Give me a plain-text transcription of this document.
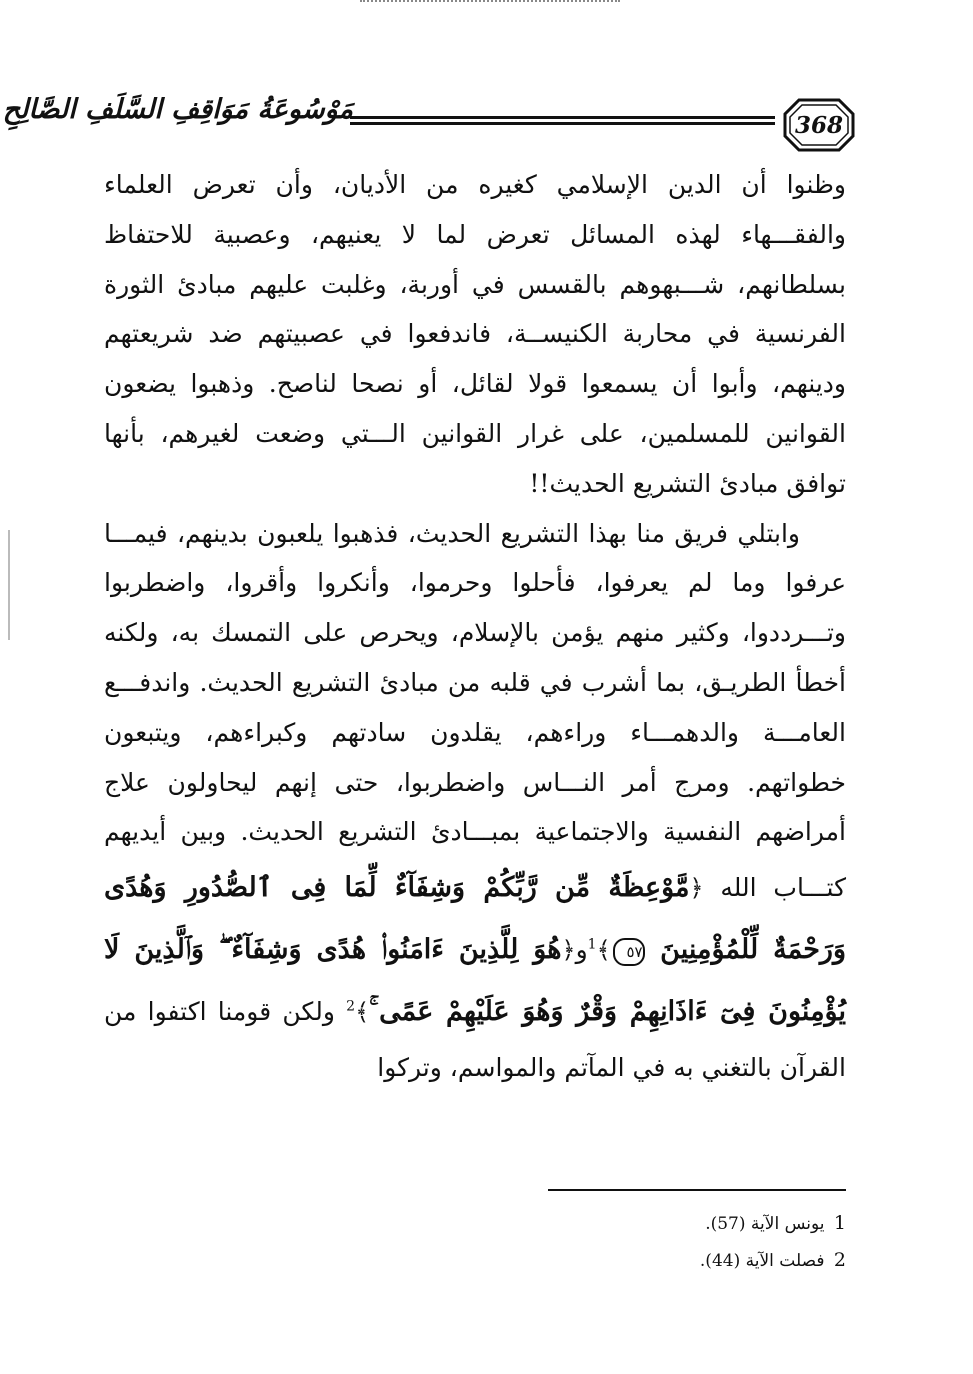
368
مَوْسُوعَةُ مَوَاقِفِ السَّلَفِ الصَّالِحِ

وظنوا أن الدين الإسلامي كغيره من الأديان، وأن تعرض العلماء والفقـــهاء لهذه المسائل تعرض لما لا يعنيهم، وعصبية للاحتفاظ بسلطانهم، شـــبهوهم بالقسس في أوربة، وغلبت عليهم مبادئ الثورة الفرنسية في محاربة الكنيســة، فاندفعوا في عصبيتهم ضد شريعتهم ودينهم، وأبوا أن يسمعوا قولا لقائل، أو نصحا لناصح. وذهبوا يضعون القوانين للمسلمين، على غرار القوانين الـــتي وضعت لغيرهم، بأنها توافق مبادئ التشريع الحديث!!

وابتلي فريق منا بهذا التشريع الحديث، فذهبوا يلعبون بدينهم، فيمـــا عرفوا وما لم يعرفوا، فأحلوا وحرموا، وأنكروا وأقروا، واضطربوا وتـــرددوا، وكثير منهم يؤمن بالإسلام، ويحرص على التمسك به، ولكنه أخطأ الطريـق، بما أشرب في قلبه من مبادئ التشريع الحديث. واندفـــع العامـــة والدهمـــاء وراءهم، يقلدون سادتهم وكبراءهم، ويتبعون خطواتهم. ومرج أمر النـــاس واضطربوا، حتى إنهم ليحاولون علاج أمراضهم النفسية والاجتماعية بمبـــادئ التشريع الحديث. وبين أيديهم كتـــاب الله ﴿مَّوْعِظَةٌ مِّن رَّبِّكُمْ وَشِفَآءٌ لِّمَا فِى ٱلصُّدُورِ وَهُدًى وَرَحْمَةٌ لِّلْمُؤْمِنِينَ ٥٧﴾$^1$و﴿هُوَ لِلَّذِينَ ءَامَنُوا۟ هُدًى وَشِفَآءٌ ۖ وَٱلَّذِينَ لَا يُؤْمِنُونَ فِىٓ ءَاذَانِهِمْ وَقْرٌ وَهُوَ عَلَيْهِمْ عَمًى ۚ﴾$^2$ ولكن قومنا اكتفوا من القرآن بالتغني به في المآتم والمواسم، وتركوا

1 يونس الآية (57).
2 فصلت الآية (44).
